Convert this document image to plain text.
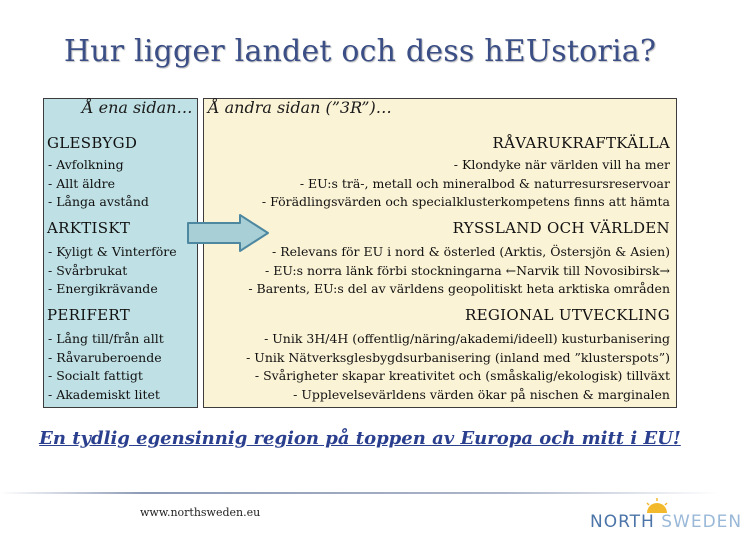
Hur ligger landet och dess hEUstoria?
Å ena sidan… Å andra sidan (”3R”)…
GLESBYGD
- Avfolkning
- Allt äldre
- Långa avstånd
ARKTISKT
- Kyligt & Vinterföre
- Svårbrukat
- Energikrävande
PERIFERT
- Lång till/från allt
- Råvaruberoende
- Socialt fattigt
- Akademiskt litet
RÅVARUKRAFTKÄLLA
- Klondyke när världen vill ha mer
- EU:s trä-, metall och mineralbod & naturresursreservoar
- Förädlingsvärden och specialklusterkompetens finns att hämta
RYSSLAND OCH VÄRLDEN
- Relevans för EU i nord & österled (Arktis, Östersjön & Asien)
- EU:s norra länk förbi stockningarna ←Narvik till Novosibirsk→
- Barents, EU:s del av världens geopolitiskt heta arktiska områden
REGIONAL UTVECKLING
- Unik 3H/4H (offentlig/näring/akademi/ideell) kusturbanisering
- Unik Nätverksglesbygdsurbanisering (inland med ”klusterspots”)
- Svårigheter skapar kreativitet och (småskalig/ekologisk) tillväxt
- Upplevelsevärldens värden ökar på nischen & marginalen
En tydlig egensinnig region på toppen av Europa och mitt i EU!
www.northsweden.eu	NORTH SWEDEN
